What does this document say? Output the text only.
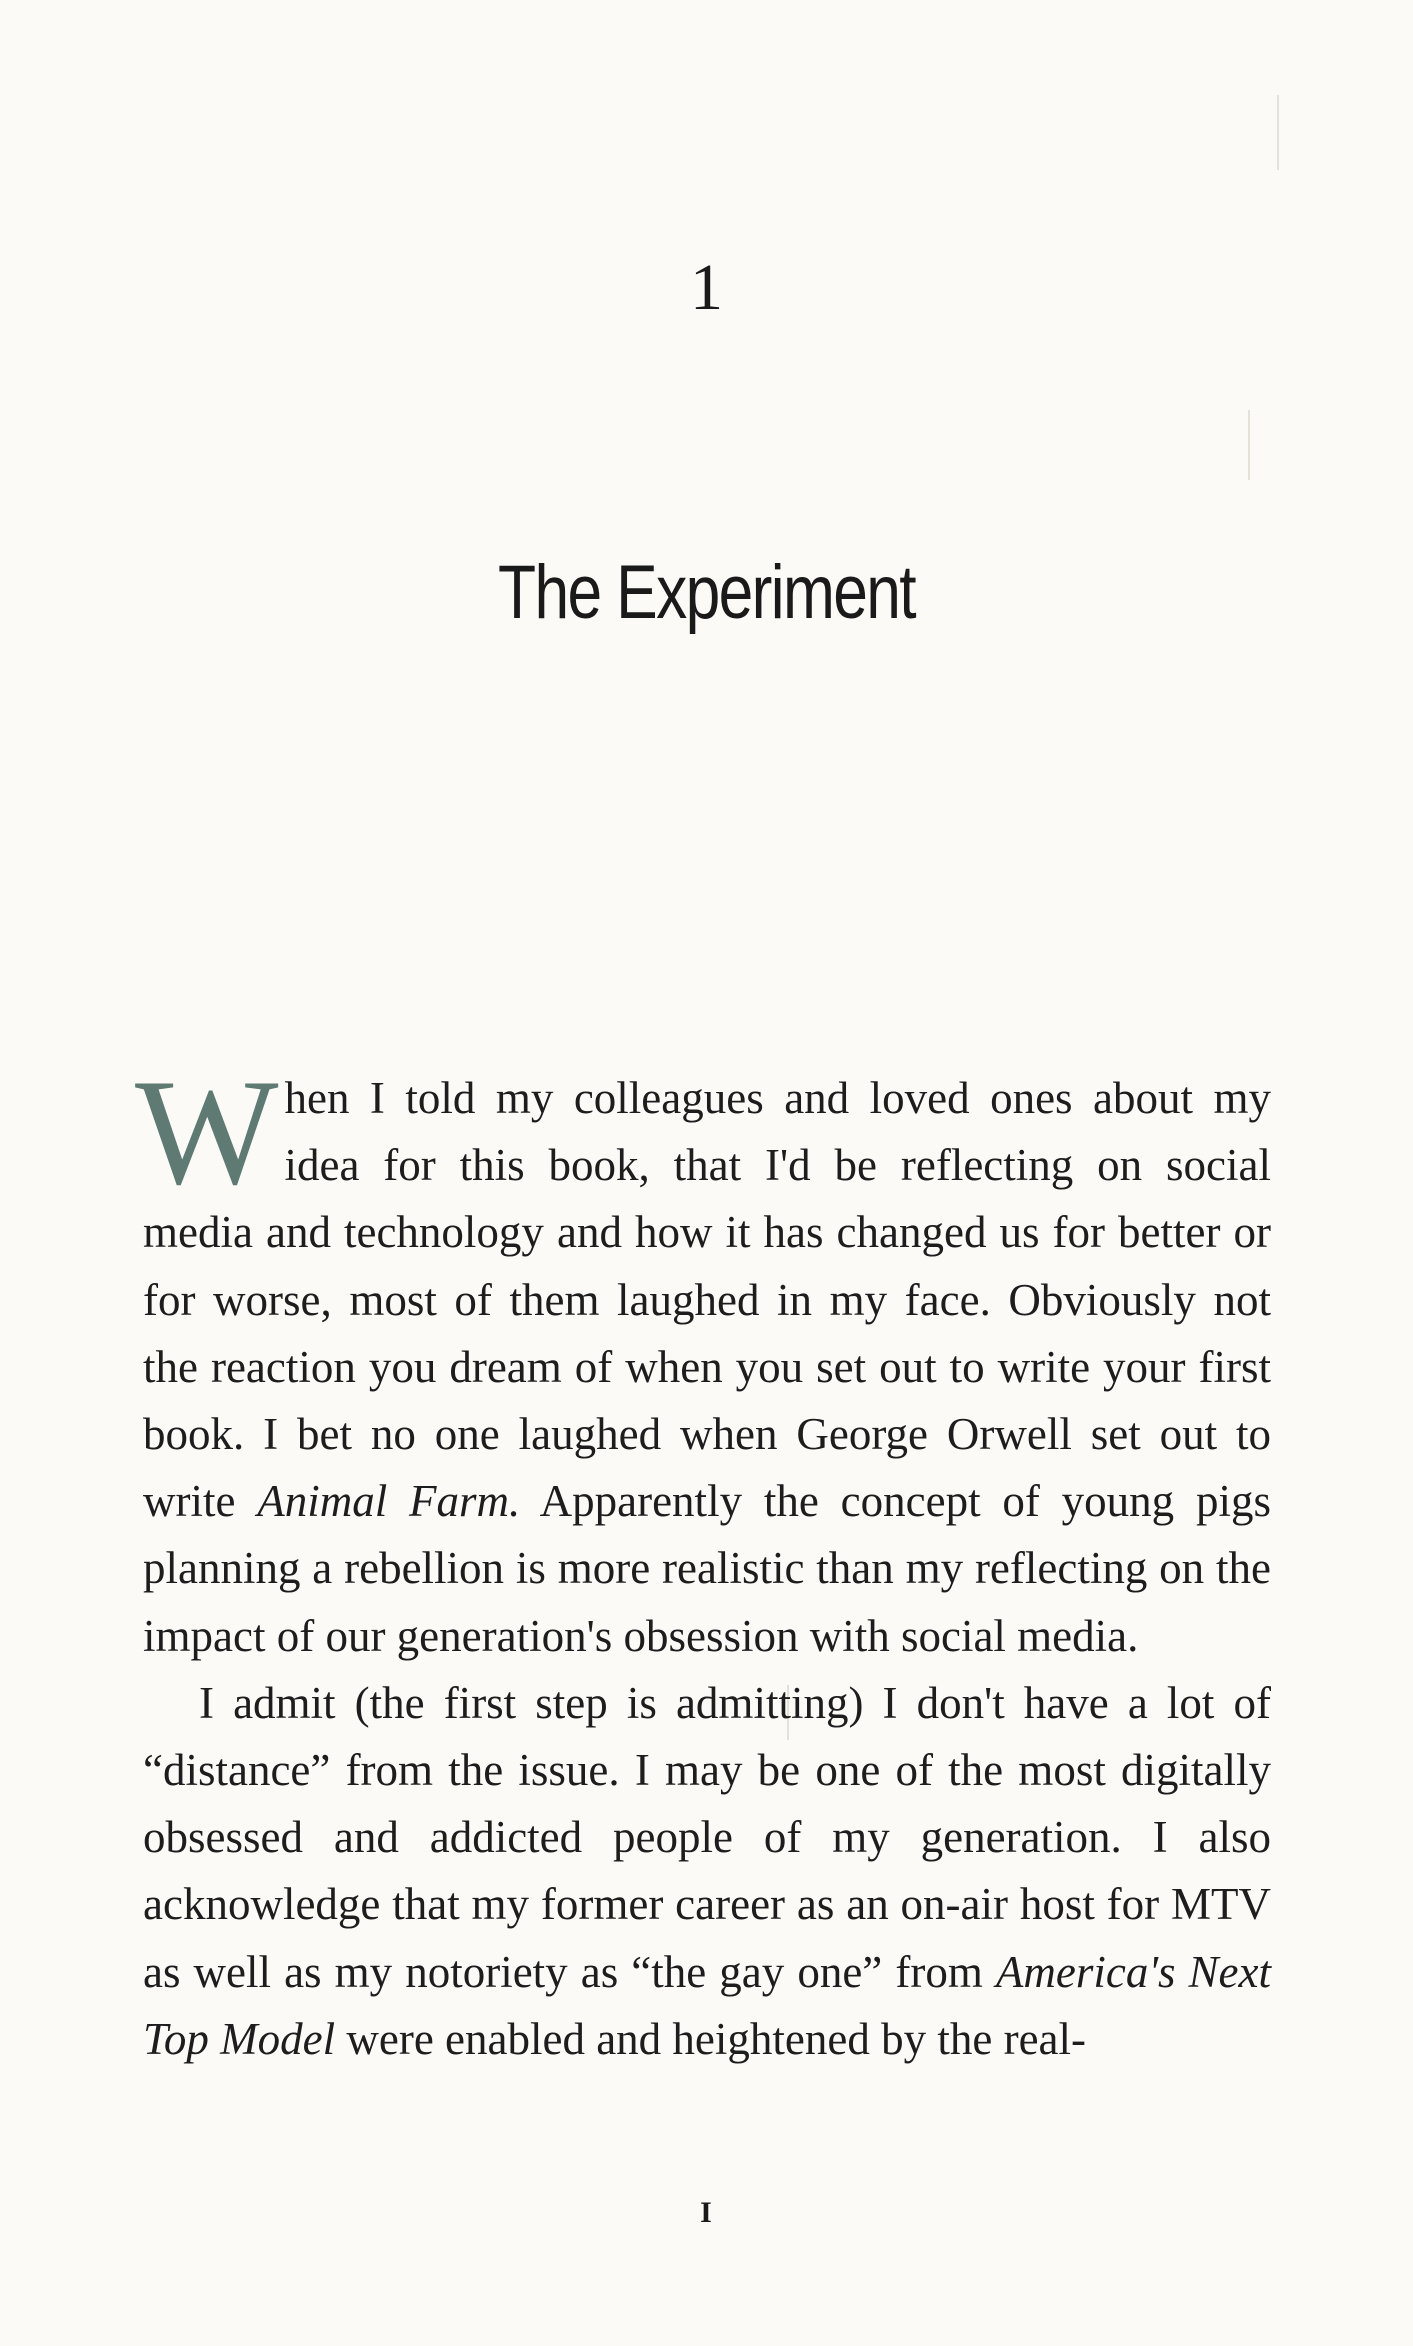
1
The Experiment

When I told my colleagues and loved ones about my idea for this book, that I'd be reflecting on social media and technology and how it has changed us for better or for worse, most of them laughed in my face. Obviously not the reaction you dream of when you set out to write your first book. I bet no one laughed when George Orwell set out to write Animal Farm. Apparently the concept of young pigs planning a rebellion is more realistic than my reflecting on the impact of our generation's obsession with social media.

I admit (the first step is admitting) I don't have a lot of “distance” from the issue. I may be one of the most digitally obsessed and addicted people of my generation. I also acknowledge that my former career as an on-air host for MTV as well as my notoriety as “the gay one” from America's Next Top Model were enabled and heightened by the real-

I
